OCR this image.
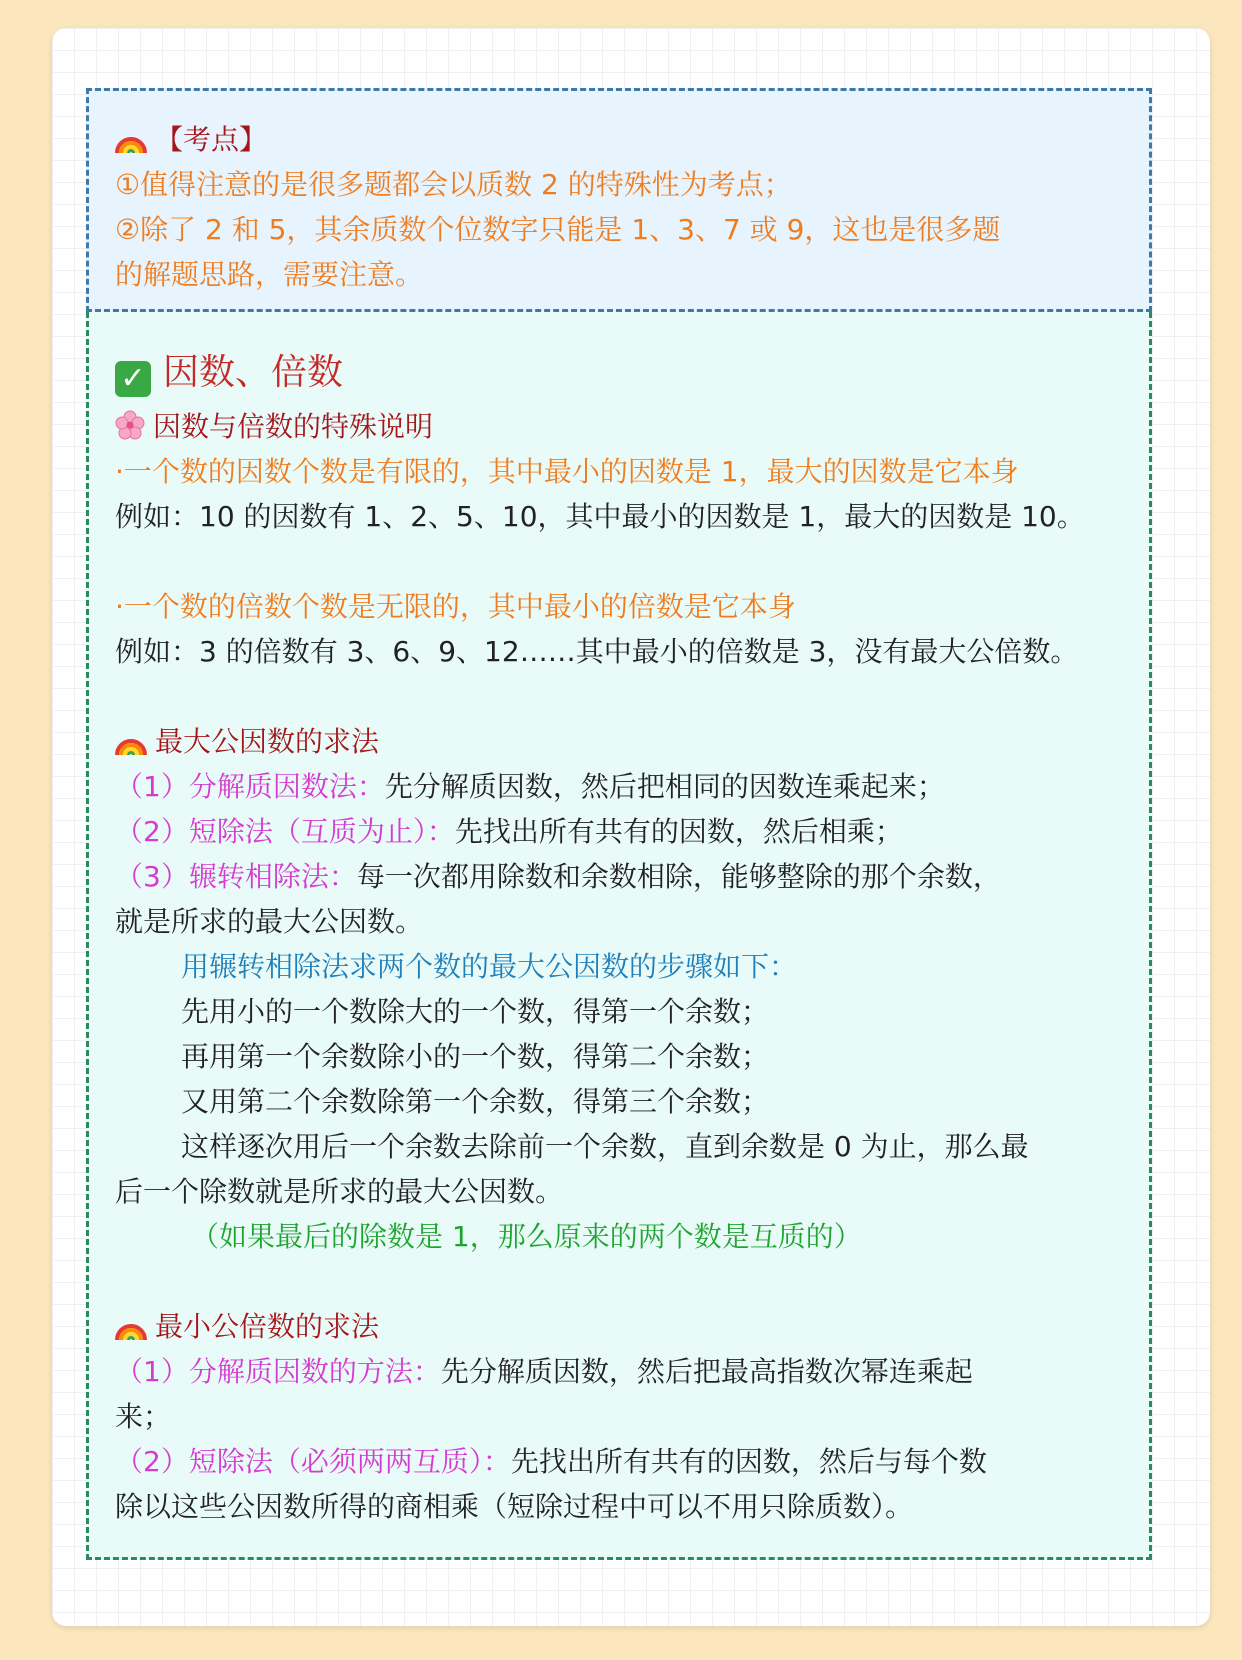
【考点】
①值得注意的是很多题都会以质数 2 的特殊性为考点；
②除了 2 和 5，其余质数个位数字只能是 1、3、7 或 9，这也是很多题
的解题思路，需要注意。
✓ 因数、倍数
因数与倍数的特殊说明
·一个数的因数个数是有限的，其中最小的因数是 1，最大的因数是它本身
例如：10 的因数有 1、2、5、10，其中最小的因数是 1，最大的因数是 10。
·一个数的倍数个数是无限的，其中最小的倍数是它本身
例如：3 的倍数有 3、6、9、12……其中最小的倍数是 3，没有最大公倍数。
最大公因数的求法
（1）分解质因数法：先分解质因数，然后把相同的因数连乘起来；
（2）短除法（互质为止）：先找出所有共有的因数，然后相乘；
（3）辗转相除法：每一次都用除数和余数相除，能够整除的那个余数，
就是所求的最大公因数。
用辗转相除法求两个数的最大公因数的步骤如下：
先用小的一个数除大的一个数，得第一个余数；
再用第一个余数除小的一个数，得第二个余数；
又用第二个余数除第一个余数，得第三个余数；
这样逐次用后一个余数去除前一个余数，直到余数是 0 为止，那么最
后一个除数就是所求的最大公因数。
（如果最后的除数是 1，那么原来的两个数是互质的）
最小公倍数的求法
（1）分解质因数的方法：先分解质因数，然后把最高指数次幂连乘起
来；
（2）短除法（必须两两互质）：先找出所有共有的因数，然后与每个数
除以这些公因数所得的商相乘（短除过程中可以不用只除质数）。
